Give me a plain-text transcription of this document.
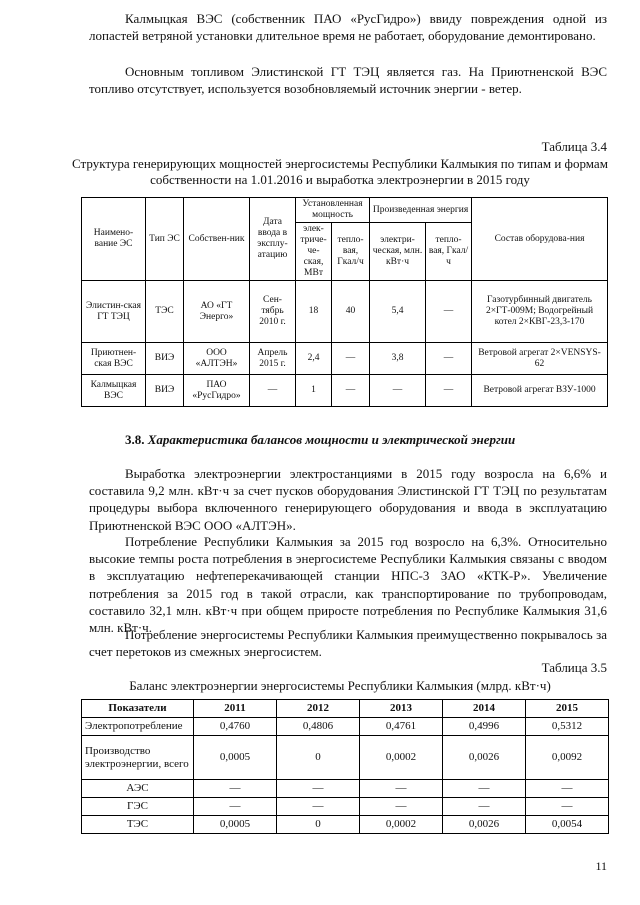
Калмыцкая ВЭС (собственник ПАО «РусГидро») ввиду повреждения одной из лопастей ветряной установки длительное время не работает, оборудование демонтировано.

Основным топливом Элистинской ГТ ТЭЦ является газ. На Приютненской ВЭС топливо отсутствует, используется возобновляемый источник энергии - ветер.

Таблица 3.4

Структура генерирующих мощностей энергосистемы Республики Калмыкия по типам и формам собственности на 1.01.2016 и выработка электроэнергии в 2015 году

Наимено-вание ЭС	Тип ЭС	Собствен-ник	Дата ввода в эксплу-атацию	Установленная мощность		Произведенная энергия		Состав оборудова-ния
				элек-триче-че-ская, МВт	тепло-вая, Гкал/ч	электри-ческая, млн. кВт·ч	тепло-вая, Гкал/ч	
Элистин-ская ГТ ТЭЦ	ТЭС	АО «ГТ Энерго»	Сен-тябрь 2010 г.	18	40	5,4	—	Газотурбинный двигатель 2×ГТ-009М; Водогрейный котел 2×КВГ-23,3-170
Приютнен-ская ВЭС	ВИЭ	ООО «АЛТЭН»	Апрель 2015 г.	2,4	—	3,8	—	Ветровой агрегат 2×VENSYS-62
Калмыцкая ВЭС	ВИЭ	ПАО «РусГидро»	—	1	—	—	—	Ветровой агрегат ВЗУ-1000

3.8. Характеристика балансов мощности и электрической энергии

Выработка электроэнергии электростанциями в 2015 году возросла на 6,6% и составила 9,2 млн. кВт·ч за счет пусков оборудования Элистинской ГТ ТЭЦ по результатам процедуры выбора включенного генерирующего оборудования и ввода в эксплуатацию Приютненской ВЭС ООО «АЛТЭН».

Потребление Республики Калмыкия за 2015 год возросло на 6,3%. Относительно высокие темпы роста потребления в энергосистеме Республики Калмыкия связаны с вводом в эксплуатацию нефтеперекачивающей станции НПС-3 ЗАО «КТК-Р». Увеличение потребления за 2015 год в такой отрасли, как транспортирование по трубопроводам, составило 32,1 млн. кВт·ч при общем приросте потребления по Республике Калмыкия 31,6 млн. кВт·ч.

Потребление энергосистемы Республики Калмыкия преимущественно покрывалось за счет перетоков из смежных энергосистем.

Таблица 3.5

Баланс электроэнергии энергосистемы Республики Калмыкия (млрд. кВт·ч)

Показатели	2011	2012	2013	2014	2015
Электропотребление	0,4760	0,4806	0,4761	0,4996	0,5312
Производство электроэнергии, всего	0,0005	0	0,0002	0,0026	0,0092
АЭС	—	—	—	—	—
ГЭС	—	—	—	—	—
ТЭС	0,0005	0	0,0002	0,0026	0,0054

11
